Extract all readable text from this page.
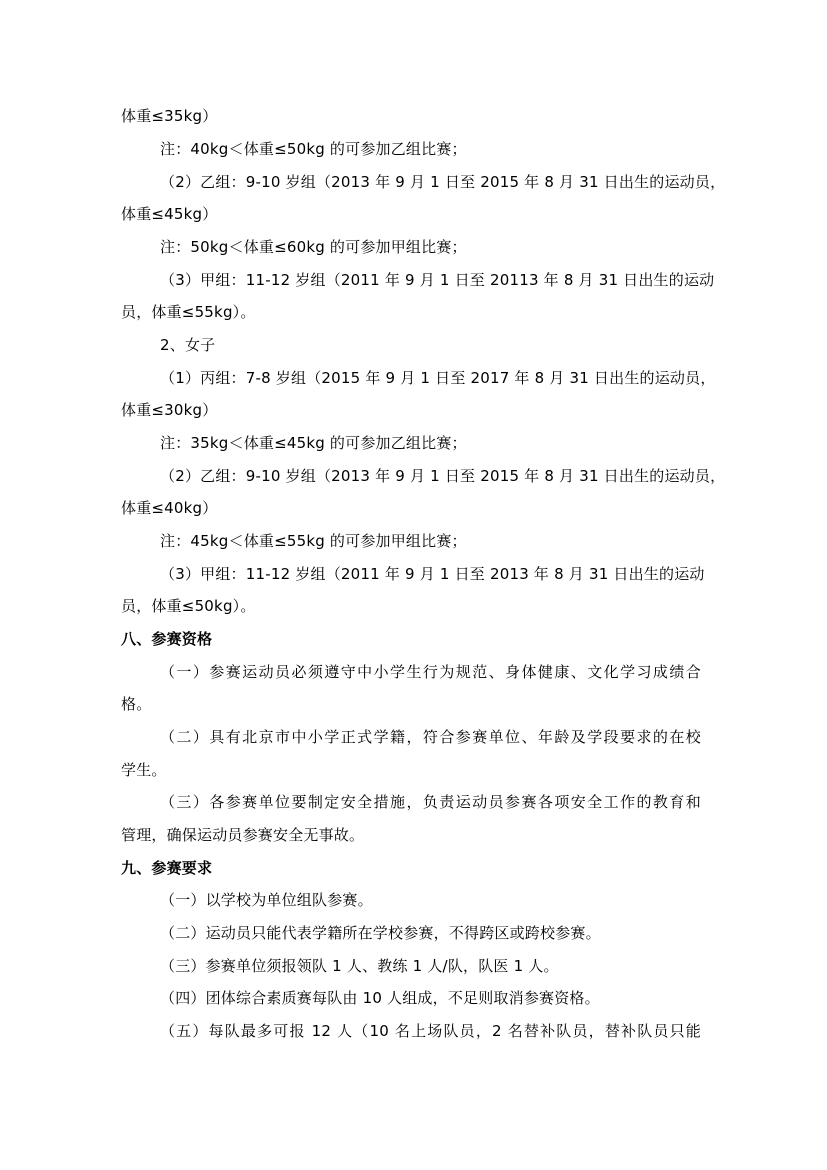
体重≤35kg）
注：40kg＜体重≤50kg 的可参加乙组比赛；
（2）乙组：9-10 岁组（2013 年 9 月 1 日至 2015 年 8 月 31 日出生的运动员，
体重≤45kg）
注：50kg＜体重≤60kg 的可参加甲组比赛；
（3）甲组：11-12 岁组（2011 年 9 月 1 日至 20113 年 8 月 31 日出生的运动
员，体重≤55kg）。
2、女子
（1）丙组：7-8 岁组（2015 年 9 月 1 日至 2017 年 8 月 31 日出生的运动员，
体重≤30kg）
注：35kg＜体重≤45kg 的可参加乙组比赛；
（2）乙组：9-10 岁组（2013 年 9 月 1 日至 2015 年 8 月 31 日出生的运动员，
体重≤40kg）
注：45kg＜体重≤55kg 的可参加甲组比赛；
（3）甲组：11-12 岁组（2011 年 9 月 1 日至 2013 年 8 月 31 日出生的运动
员，体重≤50kg）。
八、参赛资格
（一）参赛运动员必须遵守中小学生行为规范、身体健康、文化学习成绩合
格。
（二）具有北京市中小学正式学籍，符合参赛单位、年龄及学段要求的在校
学生。
（三）各参赛单位要制定安全措施，负责运动员参赛各项安全工作的教育和
管理，确保运动员参赛安全无事故。
九、参赛要求
（一）以学校为单位组队参赛。
（二）运动员只能代表学籍所在学校参赛，不得跨区或跨校参赛。
（三）参赛单位须报领队 1 人、教练 1 人/队，队医 1 人。
（四）团体综合素质赛每队由 10 人组成，不足则取消参赛资格。
（五）每队最多可报 12 人（10 名上场队员，2 名替补队员，替补队员只能
